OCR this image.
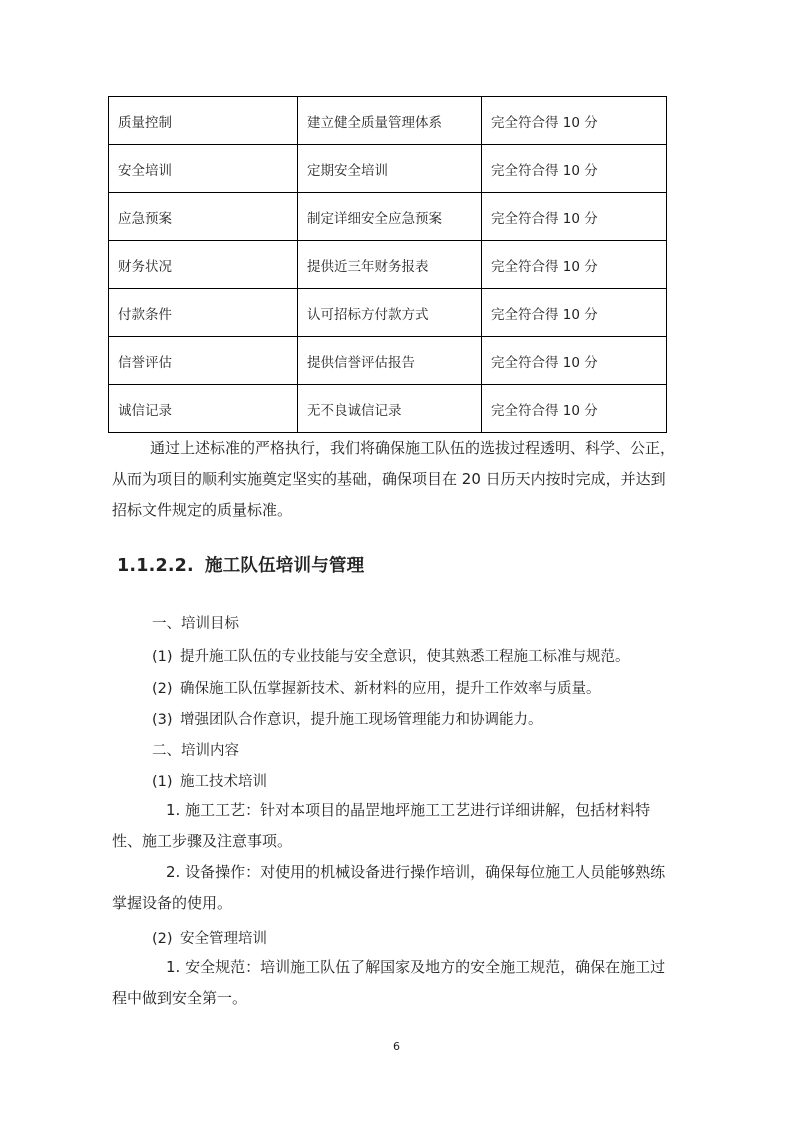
质量控制	建立健全质量管理体系	完全符合得 10 分
安全培训	定期安全培训	完全符合得 10 分
应急预案	制定详细安全应急预案	完全符合得 10 分
财务状况	提供近三年财务报表	完全符合得 10 分
付款条件	认可招标方付款方式	完全符合得 10 分
信誉评估	提供信誉评估报告	完全符合得 10 分
诚信记录	无不良诚信记录	完全符合得 10 分

通过上述标准的严格执行，我们将确保施工队伍的选拔过程透明、科学、公正，从而为项目的顺利实施奠定坚实的基础，确保项目在 20 日历天内按时完成，并达到招标文件规定的质量标准。

1.1.2.2. 施工队伍培训与管理
一、培训目标
(1) 提升施工队伍的专业技能与安全意识，使其熟悉工程施工标准与规范。
(2) 确保施工队伍掌握新技术、新材料的应用，提升工作效率与质量。
(3) 增强团队合作意识，提升施工现场管理能力和协调能力。
二、培训内容
(1) 施工技术培训

1. 施工工艺：针对本项目的晶罡地坪施工工艺进行详细讲解，包括材料特性、施工步骤及注意事项。

2. 设备操作：对使用的机械设备进行操作培训，确保每位施工人员能够熟练掌握设备的使用。

(2) 安全管理培训

1. 安全规范：培训施工队伍了解国家及地方的安全施工规范，确保在施工过程中做到安全第一。

6
